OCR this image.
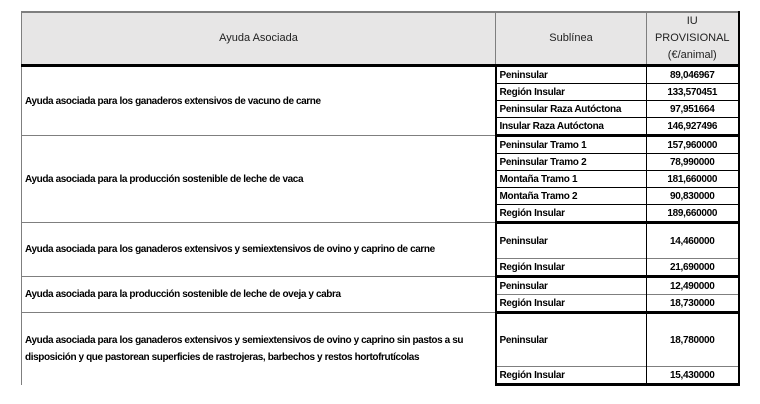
Ayuda Asociada	Sublínea	IU
PROVISIONAL
(€/animal)

Ayuda asociada para los ganaderos extensivos de vacuno de carne	Peninsular	89,046967
	Región Insular	133,570451
	Peninsular Raza Autóctona	97,951664
	Insular Raza Autóctona	146,927496
Ayuda asociada para la producción sostenible de leche de vaca	Peninsular Tramo 1	157,960000
	Peninsular Tramo 2	78,990000
	Montaña Tramo 1	181,660000
	Montaña Tramo 2	90,830000
	Región Insular	189,660000
Ayuda asociada para los ganaderos extensivos y semiextensivos de ovino y caprino de carne	Peninsular	14,460000
	Región Insular	21,690000
Ayuda asociada para la producción sostenible de leche de oveja y cabra	Peninsular	12,490000
	Región Insular	18,730000
Ayuda asociada para los ganaderos extensivos y semiextensivos de ovino y caprino sin pastos a su disposición y que pastorean superficies de rastrojeras, barbechos y restos hortofrutícolas	Peninsular	18,780000
	Región Insular	15,430000
